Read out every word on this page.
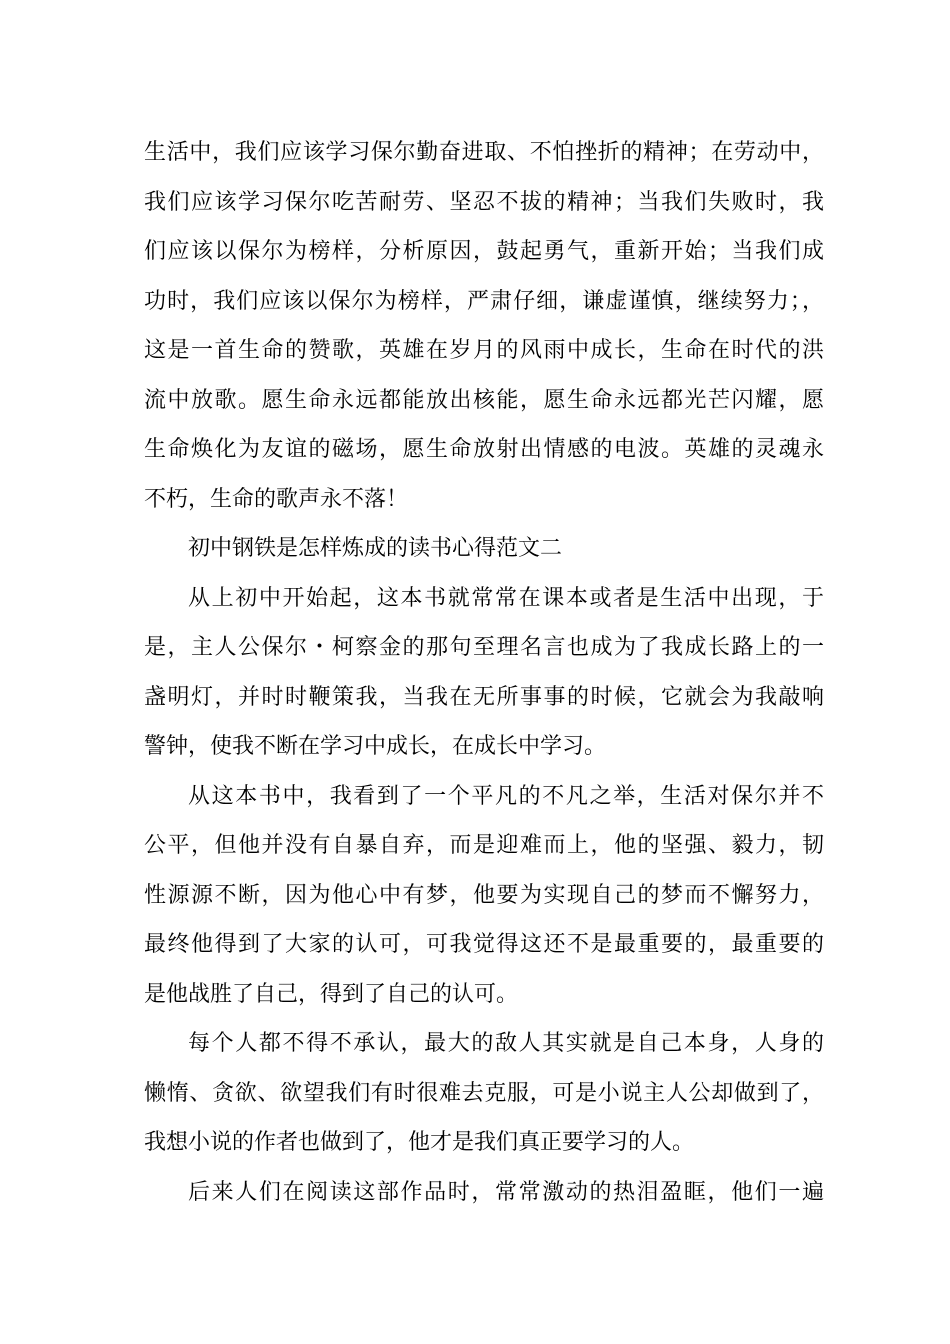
生活中，我们应该学习保尔勤奋进取、不怕挫折的精神；在劳动中，
我们应该学习保尔吃苦耐劳、坚忍不拔的精神；当我们失败时，我
们应该以保尔为榜样，分析原因，鼓起勇气，重新开始；当我们成
功时，我们应该以保尔为榜样，严肃仔细，谦虚谨慎，继续努力；，
这是一首生命的赞歌，英雄在岁月的风雨中成长，生命在时代的洪
流中放歌。愿生命永远都能放出核能，愿生命永远都光芒闪耀，愿
生命焕化为友谊的磁场，愿生命放射出情感的电波。英雄的灵魂永
不朽，生命的歌声永不落！
初中钢铁是怎样炼成的读书心得范文二
从上初中开始起，这本书就常常在课本或者是生活中出现，于
是，主人公保尔・柯察金的那句至理名言也成为了我成长路上的一
盏明灯，并时时鞭策我，当我在无所事事的时候，它就会为我敲响
警钟，使我不断在学习中成长，在成长中学习。
从这本书中，我看到了一个平凡的不凡之举，生活对保尔并不
公平，但他并没有自暴自弃，而是迎难而上，他的坚强、毅力，韧
性源源不断，因为他心中有梦，他要为实现自己的梦而不懈努力，
最终他得到了大家的认可，可我觉得这还不是最重要的，最重要的
是他战胜了自己，得到了自己的认可。
每个人都不得不承认，最大的敌人其实就是自己本身，人身的
懒惰、贪欲、欲望我们有时很难去克服，可是小说主人公却做到了，
我想小说的作者也做到了，他才是我们真正要学习的人。
后来人们在阅读这部作品时，常常激动的热泪盈眶，他们一遍
